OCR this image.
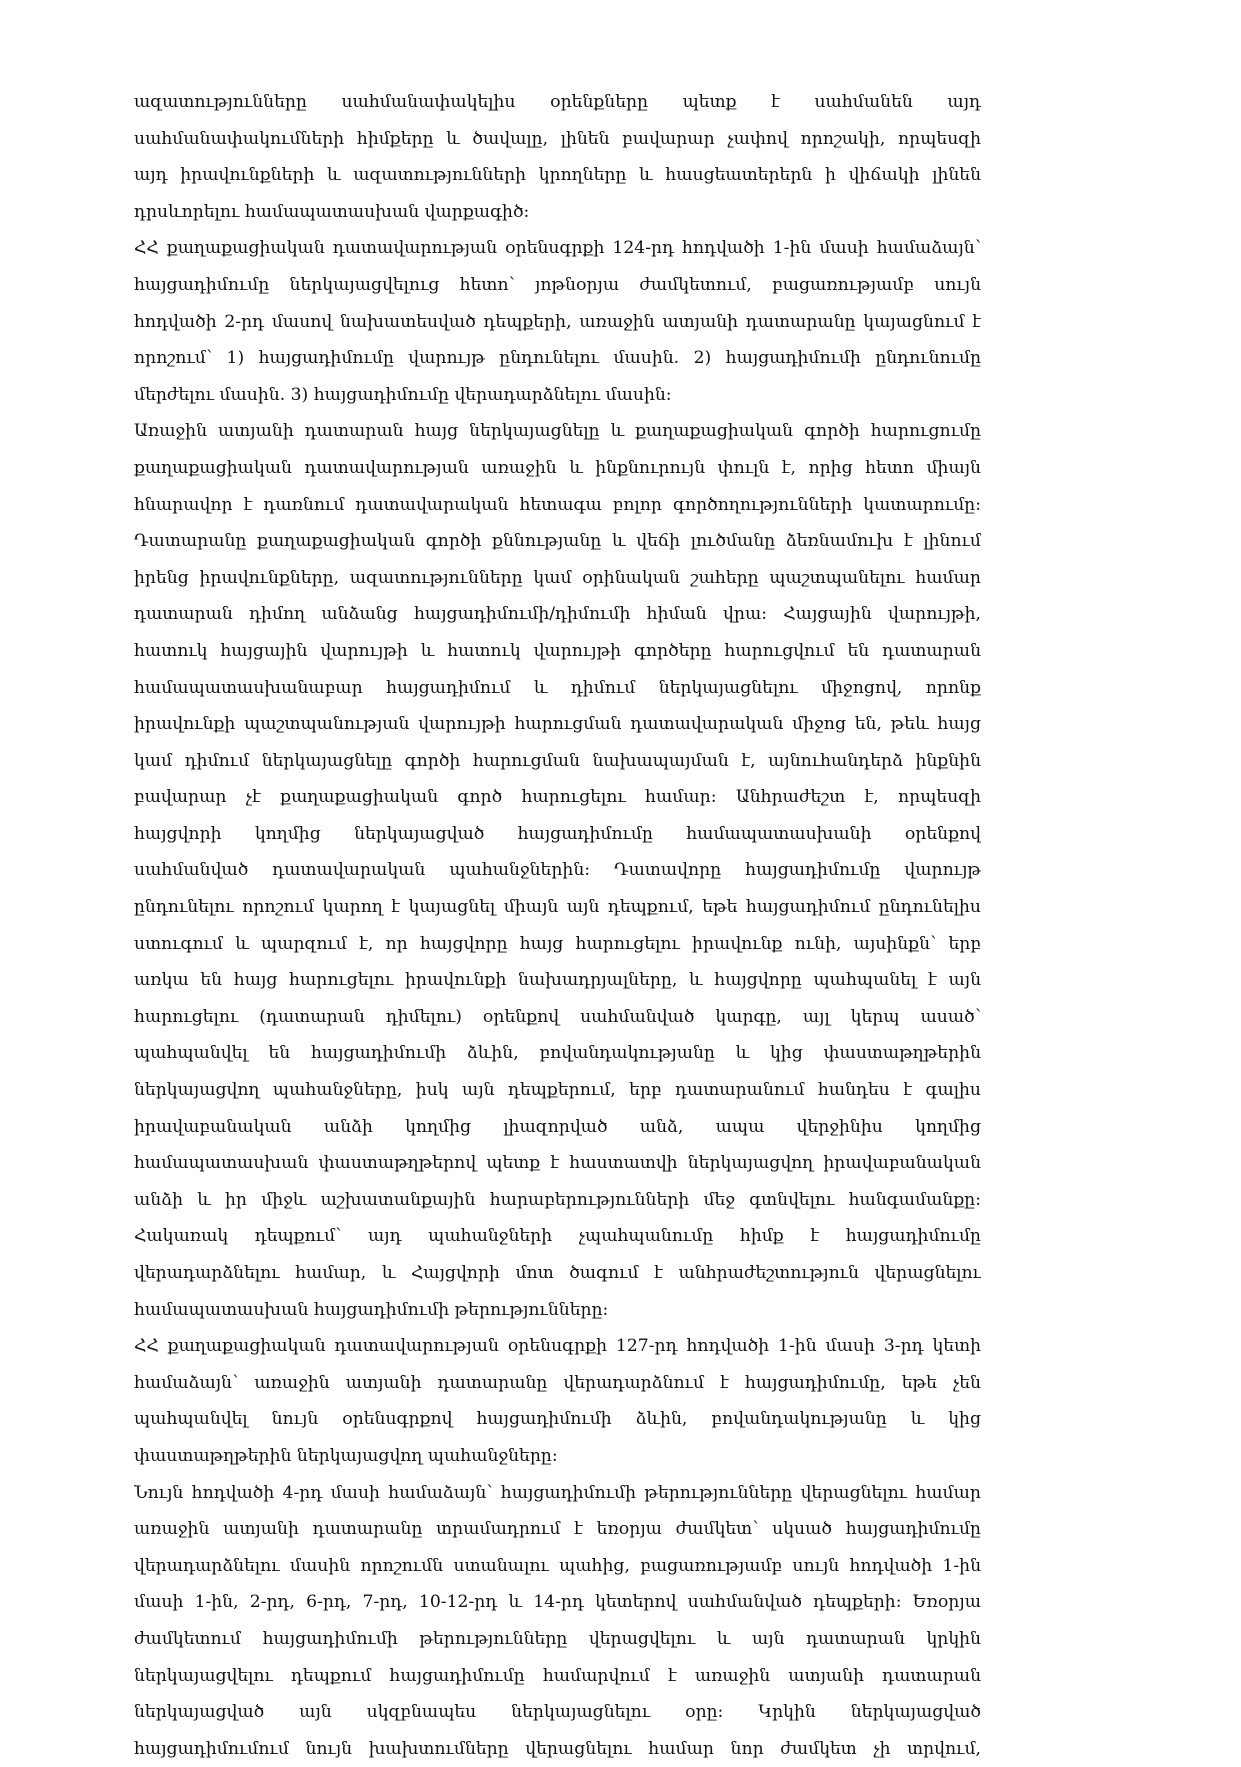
ազատությունները սահմանափակելիս օրենքները պետք է սահմանեն այդ
սահմանափակումների հիմքերը և ծավալը, լինեն բավարար չափով որոշակի, որպեսզի
այդ իրավունքների և ազատությունների կրողները և հասցեատերերն ի վիճակի լինեն
դրսևորելու համապատասխան վարքագիծ:
ՀՀ քաղաքացիական դատավարության օրենսգրքի 124-րդ հոդվածի 1-ին մասի համաձայն՝
հայցադիմումը ներկայացվելուց հետո՝ յոթնօրյա ժամկետում, բացառությամբ սույն
հոդվածի 2-րդ մասով նախատեսված դեպքերի, առաջին ատյանի դատարանը կայացնում է
որոշում՝ 1) հայցադիմումը վարույթ ընդունելու մասին. 2) հայցադիմումի ընդունումը
մերժելու մասին. 3) հայցադիմումը վերադարձնելու մասին:
Առաջին ատյանի դատարան հայց ներկայացնելը և քաղաքացիական գործի հարուցումը
քաղաքացիական դատավարության առաջին և ինքնուրույն փուլն է, որից հետո միայն
հնարավոր է դառնում դատավարական հետագա բոլոր գործողությունների կատարումը:
Դատարանը քաղաքացիական գործի քննությանը և վեճի լուծմանը ձեռնամուխ է լինում
իրենց իրավունքները, ազատությունները կամ օրինական շահերը պաշտպանելու համար
դատարան դիմող անձանց հայցադիմումի/դիմումի հիման վրա: Հայցային վարույթի,
հատուկ հայցային վարույթի և հատուկ վարույթի գործերը հարուցվում են դատարան
համապատասխանաբար հայցադիմում և դիմում ներկայացնելու միջոցով, որոնք
իրավունքի պաշտպանության վարույթի հարուցման դատավարական միջոց են, թեև հայց
կամ դիմում ներկայացնելը գործի հարուցման նախապայման է, այնուհանդերձ ինքնին
բավարար չէ քաղաքացիական գործ հարուցելու համար: Անհրաժեշտ է, որպեսզի
հայցվորի կողմից ներկայացված հայցադիմումը համապատասխանի օրենքով
սահմանված դատավարական պահանջներին: Դատավորը հայցադիմումը վարույթ
ընդունելու որոշում կարող է կայացնել միայն այն դեպքում, եթե հայցադիմում ընդունելիս
ստուգում և պարզում է, որ հայցվորը հայց հարուցելու իրավունք ունի, այսինքն՝ երբ
առկա են հայց հարուցելու իրավունքի նախադրյալները, և հայցվորը պահպանել է այն
հարուցելու (դատարան դիմելու) օրենքով սահմանված կարգը, այլ կերպ ասած՝
պահպանվել են հայցադիմումի ձևին, բովանդակությանը և կից փաստաթղթերին
ներկայացվող պահանջները, իսկ այն դեպքերում, երբ դատարանում հանդես է գալիս
իրավաբանական անձի կողմից լիազորված անձ, ապա վերջինիս կողմից
համապատասխան փաստաթղթերով պետք է հաստատվի ներկայացվող իրավաբանական
անձի և իր միջև աշխատանքային հարաբերությունների մեջ գտնվելու հանգամանքը:
Հակառակ դեպքում՝ այդ պահանջների չպահպանումը հիմք է հայցադիմումը
վերադարձնելու համար, և Հայցվորի մոտ ծագում է անհրաժեշտություն վերացնելու
համապատասխան հայցադիմումի թերությունները:
ՀՀ քաղաքացիական դատավարության օրենսգրքի 127-րդ հոդվածի 1-ին մասի 3-րդ կետի
համաձայն՝ առաջին ատյանի դատարանը վերադարձնում է հայցադիմումը, եթե չեն
պահպանվել նույն օրենսգրքով հայցադիմումի ձևին, բովանդակությանը և կից
փաստաթղթերին ներկայացվող պահանջները:
Նույն հոդվածի 4-րդ մասի համաձայն՝ հայցադիմումի թերությունները վերացնելու համար
առաջին ատյանի դատարանը տրամադրում է եռօրյա ժամկետ՝ սկսած հայցադիմումը
վերադարձնելու մասին որոշումն ստանալու պահից, բացառությամբ սույն հոդվածի 1-ին
մասի 1-ին, 2-րդ, 6-րդ, 7-րդ, 10-12-րդ և 14-րդ կետերով սահմանված դեպքերի: Եռօրյա
ժամկետում հայցադիմումի թերությունները վերացվելու և այն դատարան կրկին
ներկայացվելու դեպքում հայցադիմումը համարվում է առաջին ատյանի դատարան
ներկայացված այն սկզբնապես ներկայացնելու օրը: Կրկին ներկայացված
հայցադիմումում նույն խախտումները վերացնելու համար նոր ժամկետ չի տրվում,
